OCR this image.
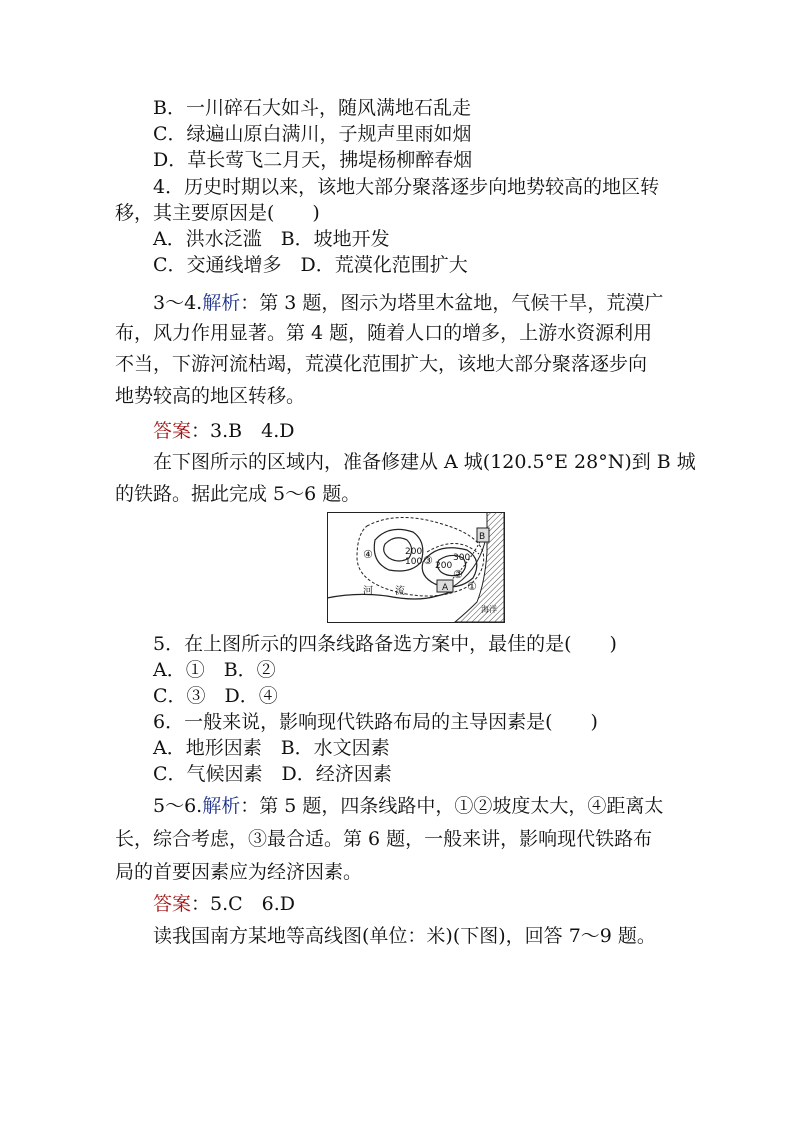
B．一川碎石大如斗，随风满地石乱走
C．绿遍山原白满川，子规声里雨如烟
D．草长莺飞二月天，拂堤杨柳醉春烟
4．历史时期以来，该地大部分聚落逐步向地势较高的地区转
移，其主要原因是(　　)
A．洪水泛滥　B．坡地开发
C．交通线增多　D．荒漠化范围扩大
3～4.解析：第 3 题，图示为塔里木盆地，气候干旱，荒漠广
布，风力作用显著。第 4 题，随着人口的增多，上游水资源利用
不当，下游河流枯竭，荒漠化范围扩大，该地大部分聚落逐步向
地势较高的地区转移。
答案：3.B　4.D
在下图所示的区域内，准备修建从 A 城(120.5°E 28°N)到 B 城
的铁路。据此完成 5～6 题。
200
100 200
300
①
②
③
④
A
B
河 流
海洋
5．在上图所示的四条线路备选方案中，最佳的是(　　)
A．①　B．②
C．③　D．④
6．一般来说，影响现代铁路布局的主导因素是(　　)
A．地形因素　B．水文因素
C．气候因素　D．经济因素
5～6.解析：第 5 题，四条线路中，①②坡度太大，④距离太
长，综合考虑，③最合适。第 6 题，一般来讲，影响现代铁路布
局的首要因素应为经济因素。
答案：5.C　6.D
读我国南方某地等高线图(单位：米)(下图)，回答 7～9 题。
